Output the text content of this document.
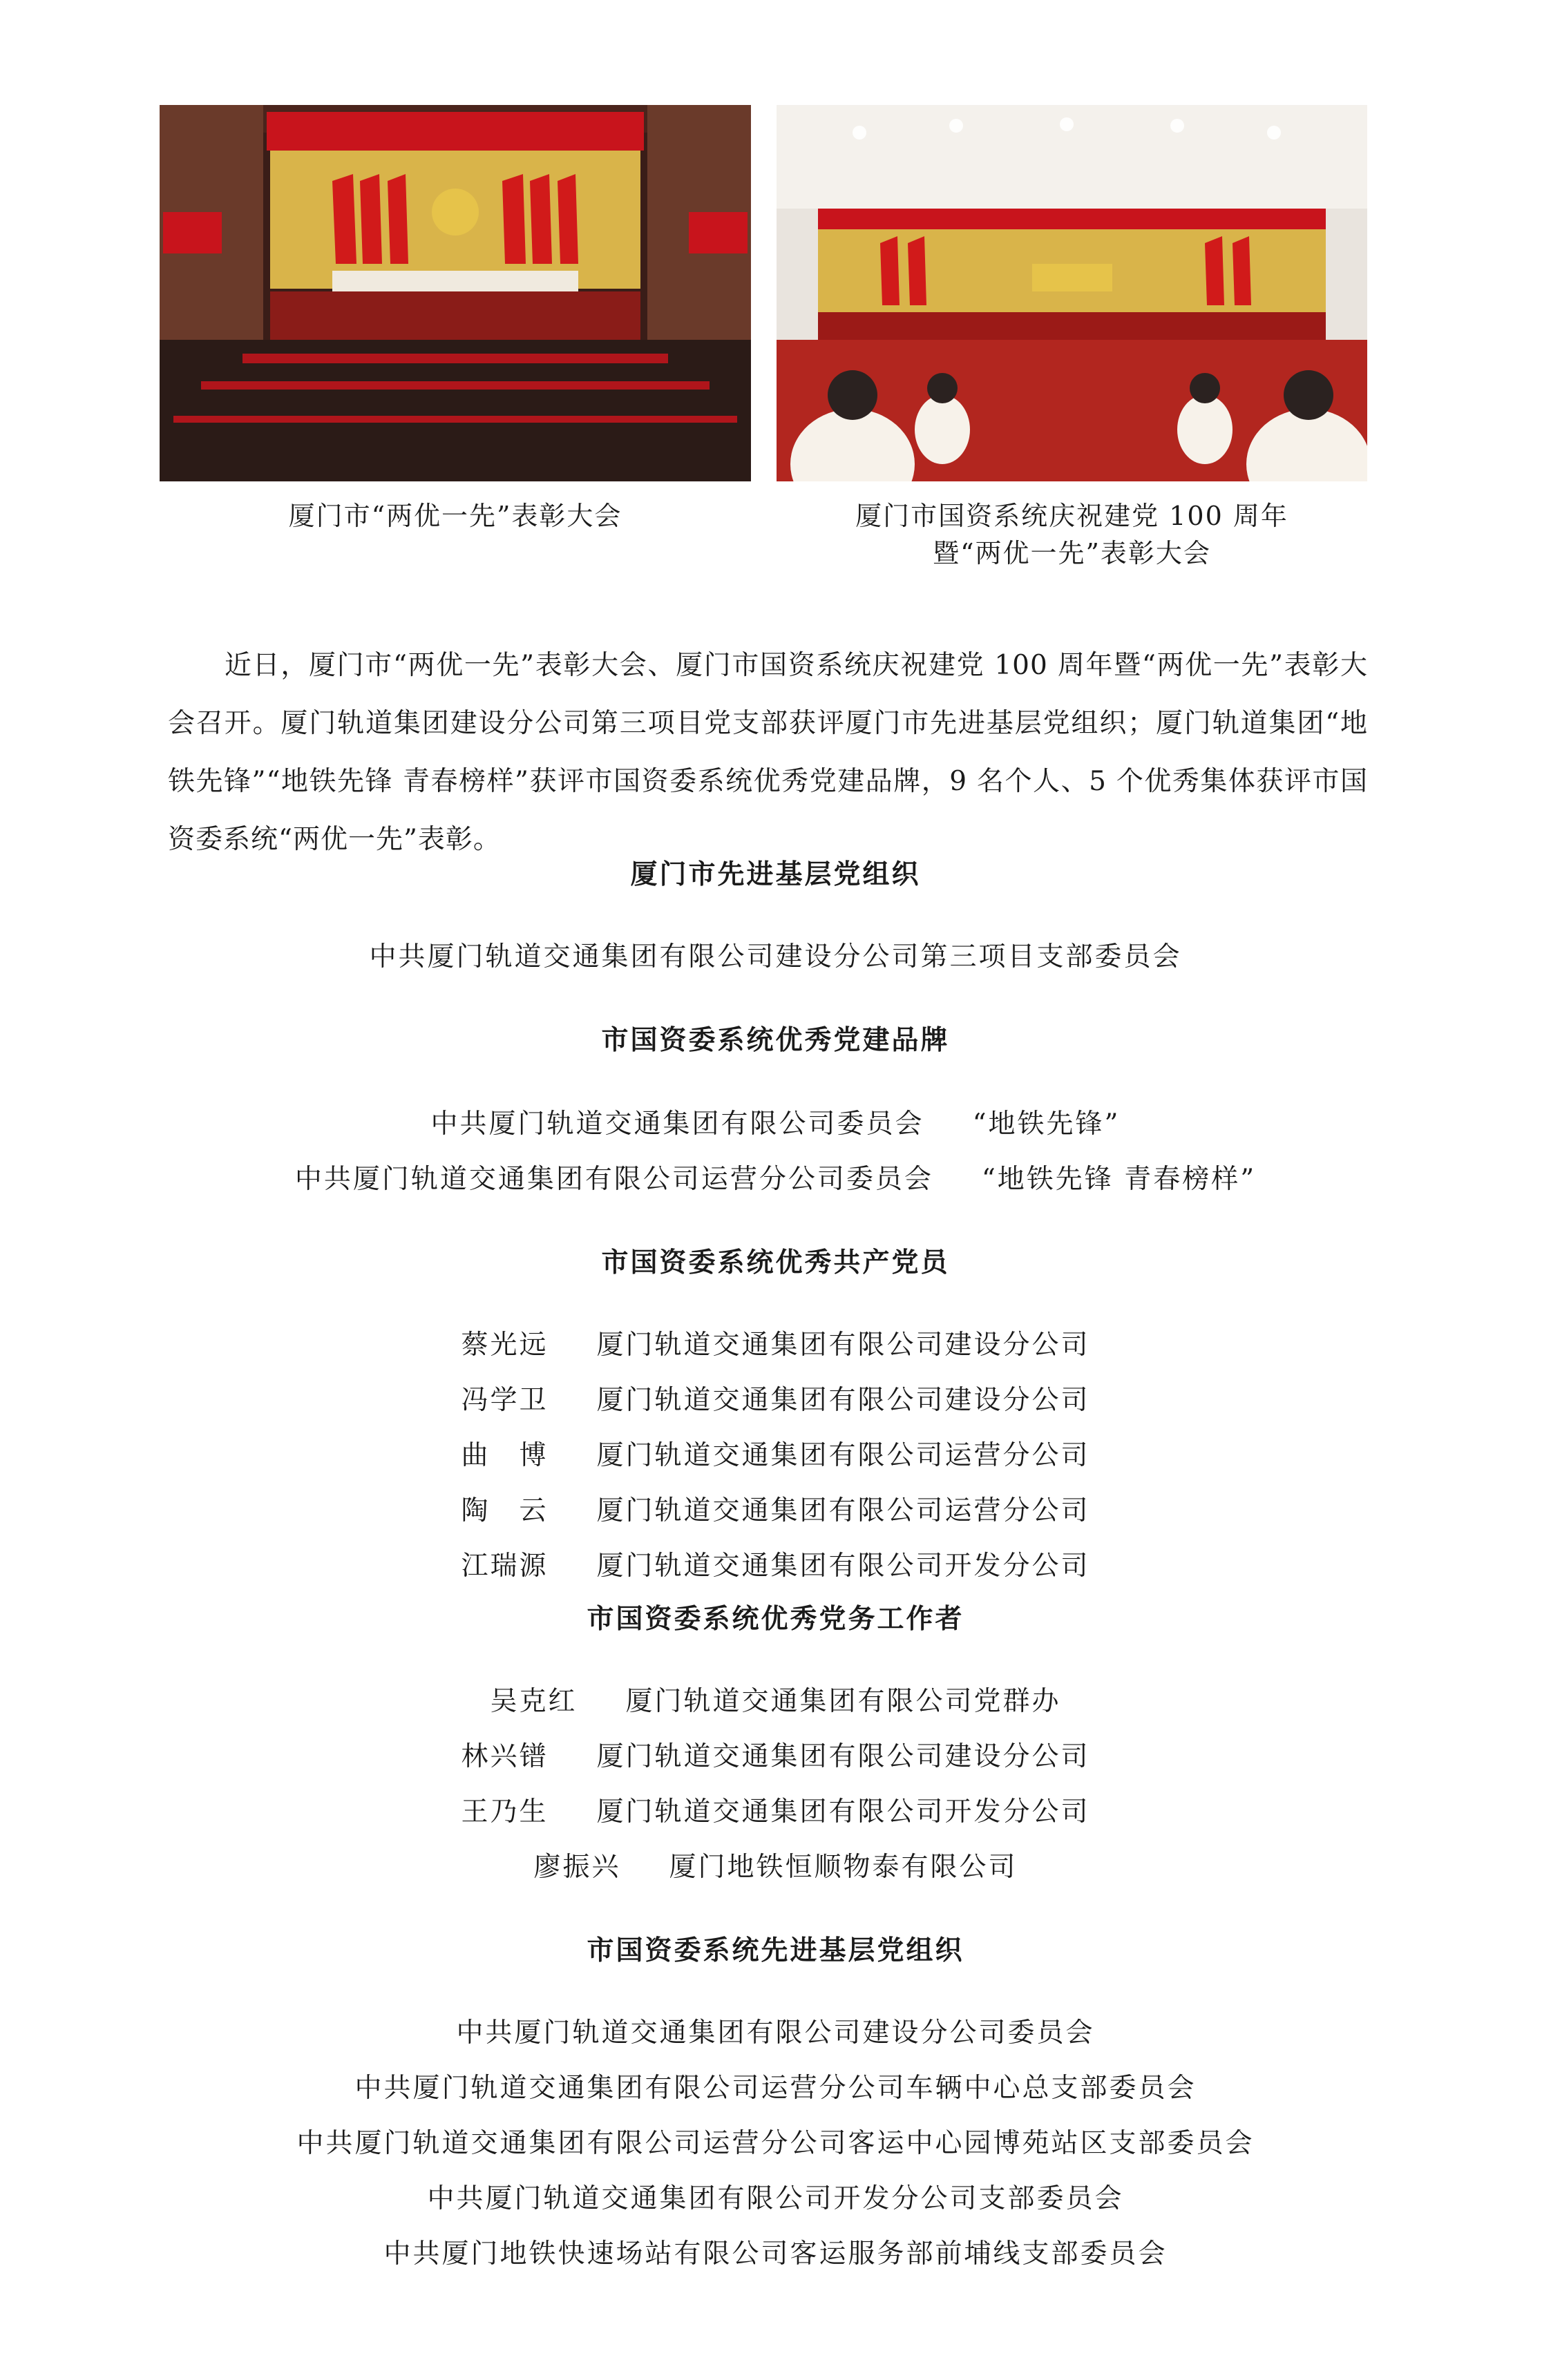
厦门市“两优一先”表彰大会	厦门市国资系统庆祝建党 100 周年
暨“两优一先”表彰大会

近日，厦门市“两优一先”表彰大会、厦门市国资系统庆祝建党 100 周年暨“两优一先”表彰大会召开。厦门轨道集团建设分公司第三项目党支部获评厦门市先进基层党组织；厦门轨道集团“地铁先锋”“地铁先锋 青春榜样”获评市国资委系统优秀党建品牌，9 名个人、5 个优秀集体获评市国资委系统“两优一先”表彰。

厦门市先进基层党组织
中共厦门轨道交通集团有限公司建设分公司第三项目支部委员会
市国资委系统优秀党建品牌
中共厦门轨道交通集团有限公司委员会 “地铁先锋”
中共厦门轨道交通集团有限公司运营分公司委员会 “地铁先锋 青春榜样”
市国资委系统优秀共产党员
蔡光远 厦门轨道交通集团有限公司建设分公司
冯学卫 厦门轨道交通集团有限公司建设分公司
曲　博 厦门轨道交通集团有限公司运营分公司
陶　云 厦门轨道交通集团有限公司运营分公司
江瑞源 厦门轨道交通集团有限公司开发分公司
市国资委系统优秀党务工作者
吴克红 厦门轨道交通集团有限公司党群办
林兴镨 厦门轨道交通集团有限公司建设分公司
王乃生 厦门轨道交通集团有限公司开发分公司
廖振兴 厦门地铁恒顺物泰有限公司
市国资委系统先进基层党组织
中共厦门轨道交通集团有限公司建设分公司委员会
中共厦门轨道交通集团有限公司运营分公司车辆中心总支部委员会
中共厦门轨道交通集团有限公司运营分公司客运中心园博苑站区支部委员会
中共厦门轨道交通集团有限公司开发分公司支部委员会
中共厦门地铁快速场站有限公司客运服务部前埔线支部委员会
